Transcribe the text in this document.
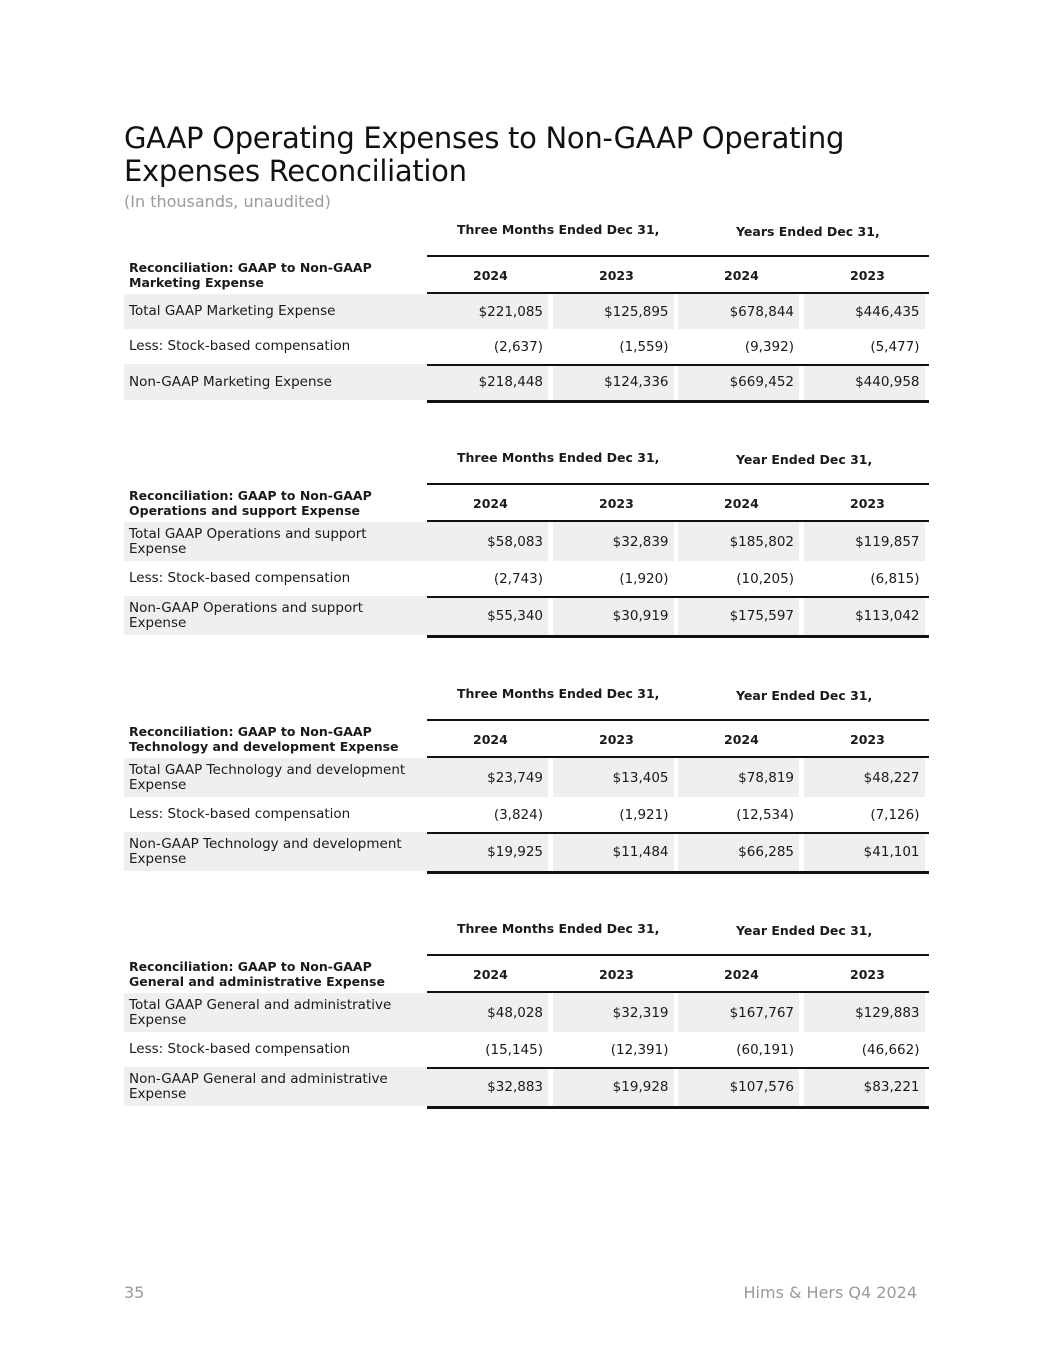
GAAP Operating Expenses to Non-GAAP Operating Expenses Reconciliation
(In thousands, unaudited)
Three Months Ended Dec 31,	Years Ended Dec 31,
Reconciliation: GAAP to Non-GAAP Marketing Expense	2024	2023	2024	2023
Total GAAP Marketing Expense	$221,085	$125,895	$678,844	$446,435
Less: Stock-based compensation	(2,637)	(1,559)	(9,392)	(5,477)
Non-GAAP Marketing Expense	$218,448	$124,336	$669,452	$440,958
Three Months Ended Dec 31,	Year Ended Dec 31,
Reconciliation: GAAP to Non-GAAP Operations and support Expense	2024	2023	2024	2023
Total GAAP Operations and support Expense	$58,083	$32,839	$185,802	$119,857
Less: Stock-based compensation	(2,743)	(1,920)	(10,205)	(6,815)
Non-GAAP Operations and support Expense	$55,340	$30,919	$175,597	$113,042
Three Months Ended Dec 31,	Year Ended Dec 31,
Reconciliation: GAAP to Non-GAAP Technology and development Expense	2024	2023	2024	2023
Total GAAP Technology and development Expense	$23,749	$13,405	$78,819	$48,227
Less: Stock-based compensation	(3,824)	(1,921)	(12,534)	(7,126)
Non-GAAP Technology and development Expense	$19,925	$11,484	$66,285	$41,101
Three Months Ended Dec 31,	Year Ended Dec 31,
Reconciliation: GAAP to Non-GAAP General and administrative Expense	2024	2023	2024	2023
Total GAAP General and administrative Expense	$48,028	$32,319	$167,767	$129,883
Less: Stock-based compensation	(15,145)	(12,391)	(60,191)	(46,662)
Non-GAAP General and administrative Expense	$32,883	$19,928	$107,576	$83,221
35	Hims & Hers Q4 2024
